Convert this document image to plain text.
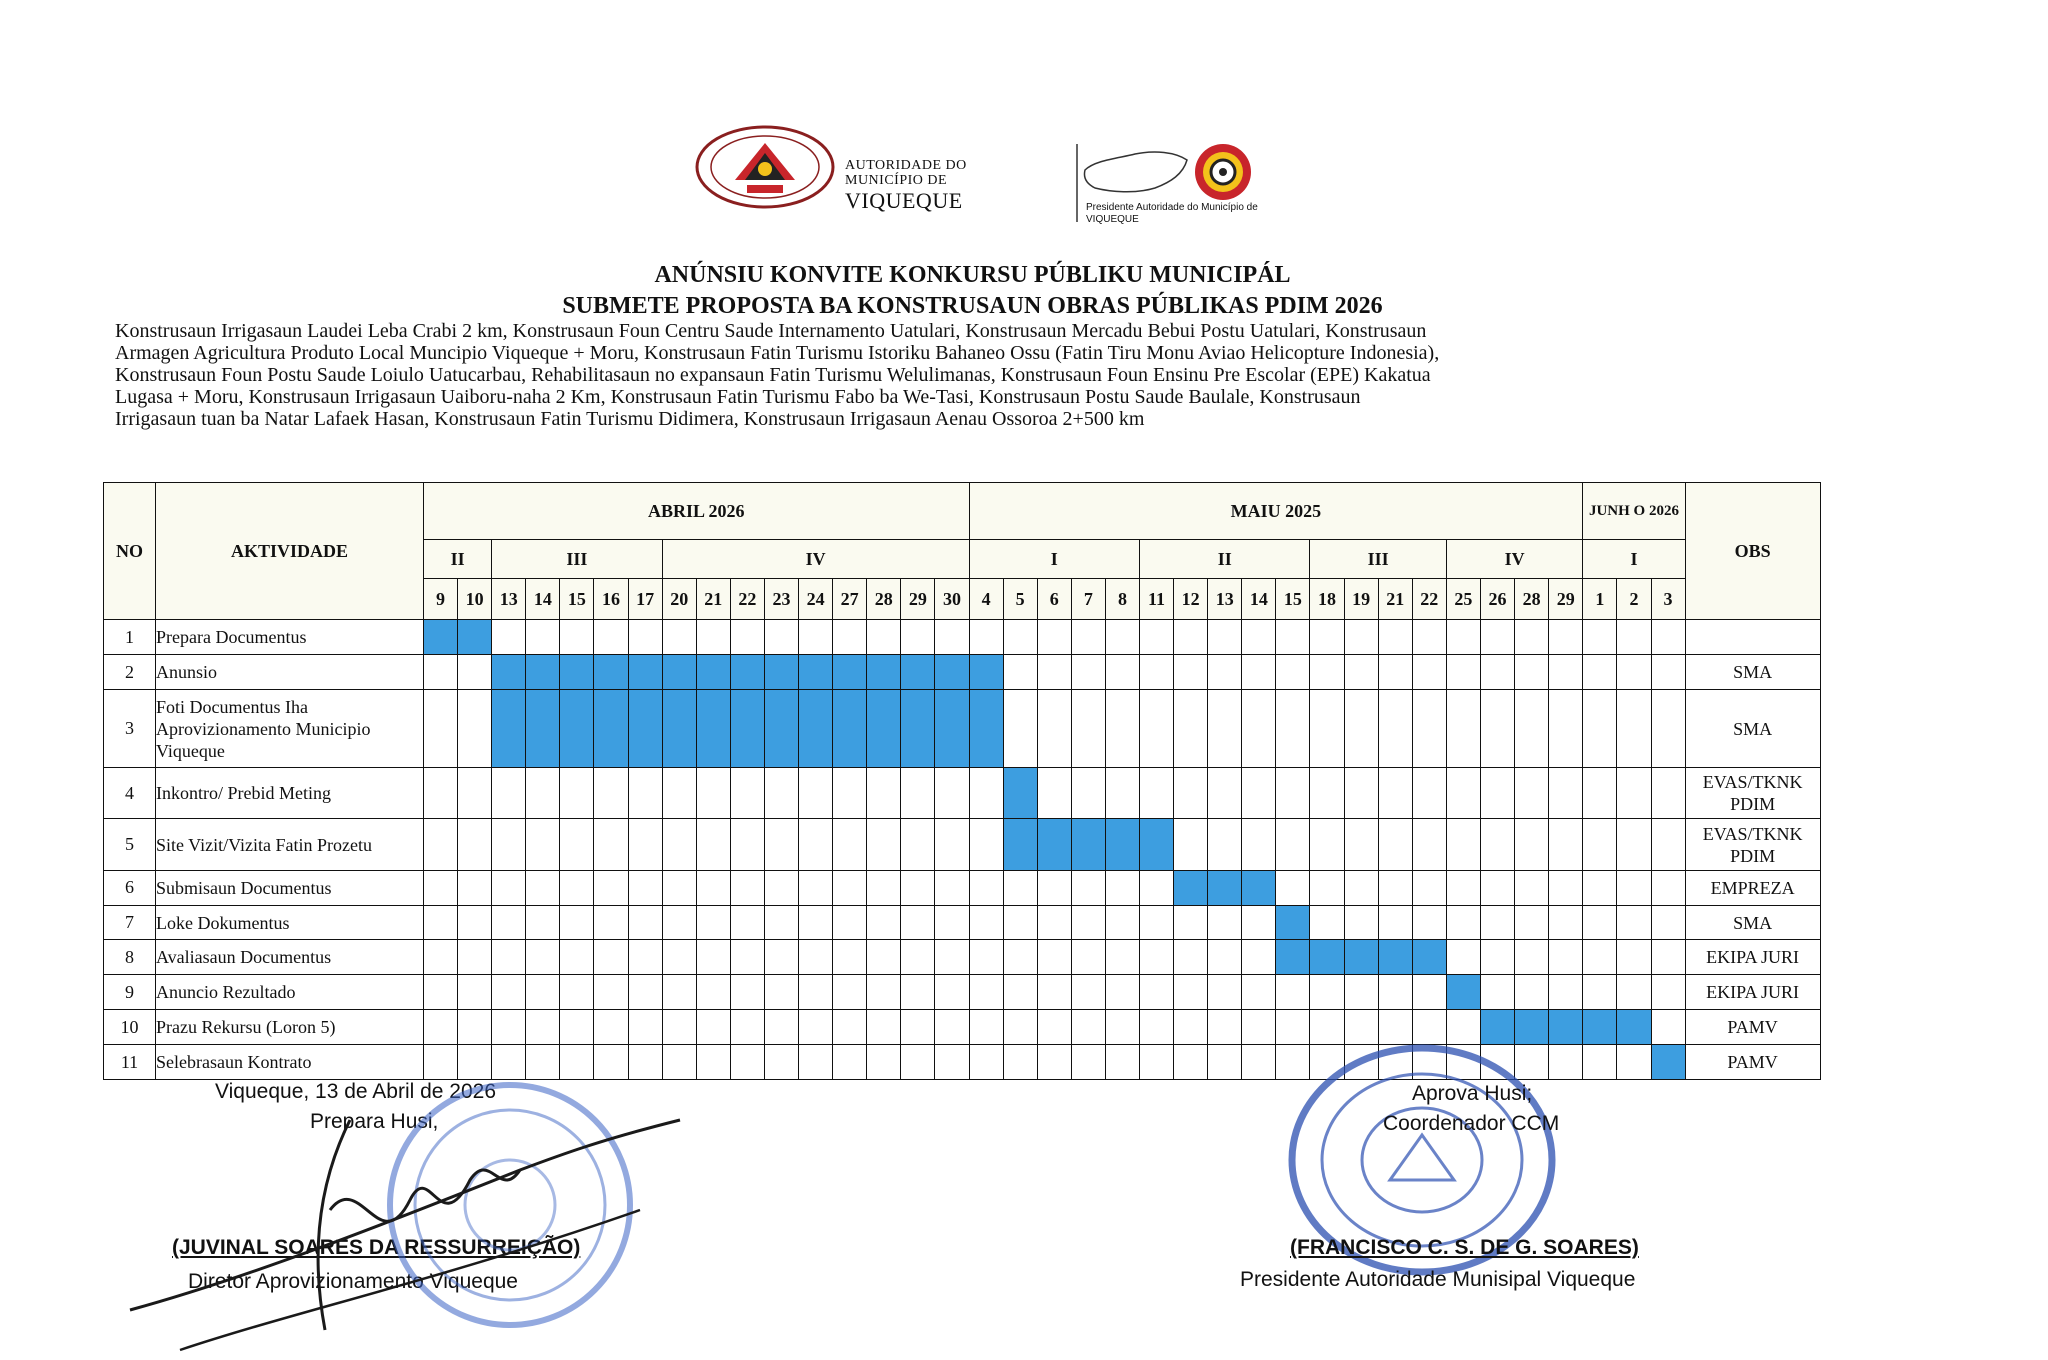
AUTORIDADE DO
MUNICÍPIO DE
VIQUEQUE	Presidente Autoridade do Município de
VIQUEQUE
ANÚNSIU KONVITE KONKURSU PÚBLIKU MUNICIPÁL
SUBMETE PROPOSTA BA KONSTRUSAUN OBRAS PÚBLIKAS PDIM 2026
Konstrusaun Irrigasaun Laudei Leba Crabi 2 km, Konstrusaun Foun Centru Saude Internamento Uatulari, Konstrusaun Mercadu Bebui Postu Uatulari, Konstrusaun
Armagen Agricultura Produto Local Muncipio Viqueque + Moru, Konstrusaun Fatin Turismu Istoriku Bahaneo Ossu (Fatin Tiru Monu Aviao Helicopture Indonesia),
Konstrusaun Foun Postu Saude Loiulo Uatucarbau, Rehabilitasaun no expansaun Fatin Turismu Welulimanas, Konstrusaun Foun Ensinu Pre Escolar (EPE) Kakatua
Lugasa + Moru, Konstrusaun Irrigasaun Uaiboru-naha 2 Km, Konstrusaun Fatin Turismu Fabo ba We-Tasi, Konstrusaun Postu Saude Baulale, Konstrusaun
Irrigasaun tuan ba Natar Lafaek Hasan, Konstrusaun Fatin Turismu Didimera, Konstrusaun Irrigasaun Aenau Ossoroa 2+500 km
NO	AKTIVIDADE	ABRIL 2026																MAIU 2025																		JUNH O 2026			OBS
		II		III					IV									I					II					III				IV				I			
		9	10	13	14	15	16	17	20	21	22	23	24	27	28	29	30	4	5	6	7	8	11	12	13	14	15	18	19	21	22	25	26	28	29	1	2	3	
1	Prepara Documentus																																						
2	Anunsio																																						SMA
3	Foti Documentus Iha Aprovizionamento Municipio Viqueque																																						SMA
4	Inkontro/ Prebid Meting																																						EVAS/TKNK PDIM
5	Site Vizit/Vizita Fatin Prozetu																																						EVAS/TKNK PDIM
6	Submisaun Documentus																																						EMPREZA
7	Loke Dokumentus																																						SMA
8	Avaliasaun Documentus																																						EKIPA JURI
9	Anuncio Rezultado																																						EKIPA JURI
10	Prazu Rekursu (Loron 5)																																						PAMV
11	Selebrasaun Kontrato																																						PAMV
Viqueque, 13 de Abril de 2026
Prepara Husi,
(JUVINAL SOARES DA RESSURREIÇÃO)
Diretor Aprovizionamento Viqueque
Aprova Husi;
Coordenador CCM
(FRANCISCO C. S. DE G. SOARES)
Presidente Autoridade Munisipal Viqueque
